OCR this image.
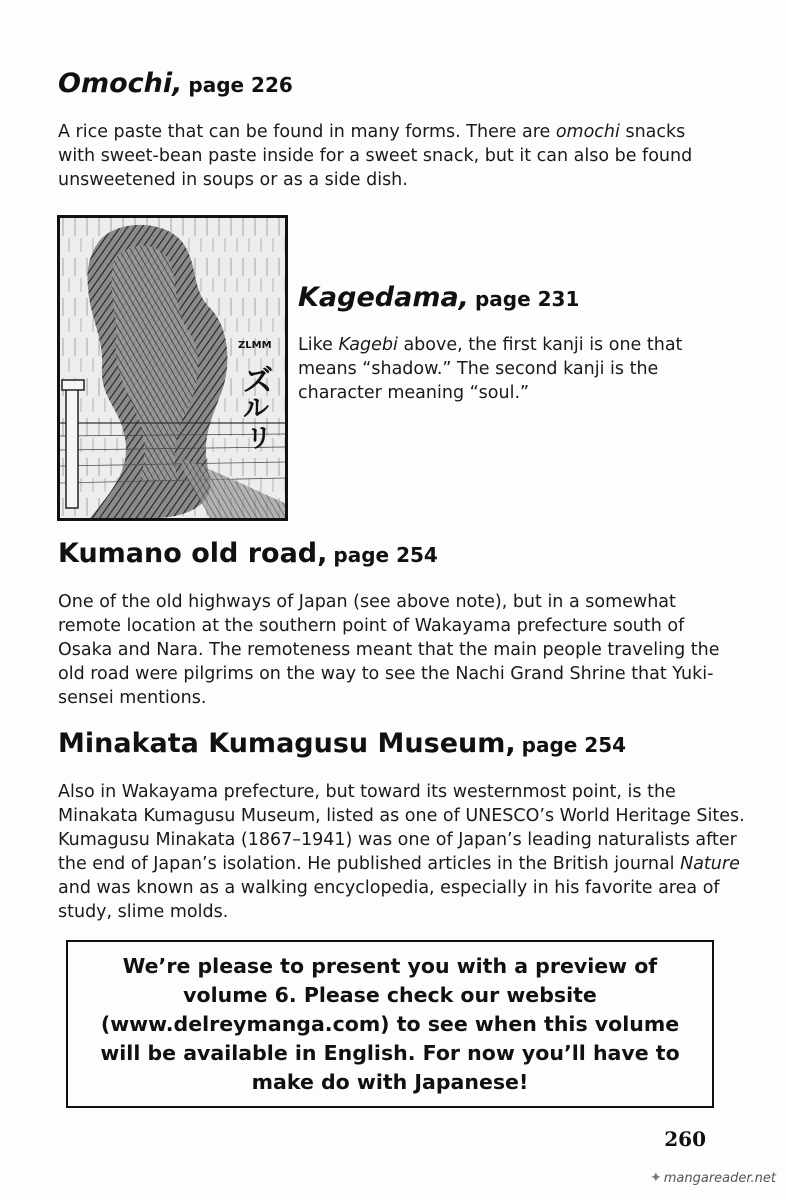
Omochi, page 226

A rice paste that can be found in many forms. There are omochi snacks with sweet-bean paste inside for a sweet snack, but it can also be found unsweetened in soups or as a side dish.

ZLMM
ズ
ル
リ
Kagedama, page 231

Like Kagebi above, the first kanji is one that means “shadow.” The second kanji is the character meaning “soul.”

Kumano old road, page 254

One of the old highways of Japan (see above note), but in a somewhat remote location at the southern point of Wakayama prefecture south of Osaka and Nara. The remoteness meant that the main people traveling the old road were pilgrims on the way to see the Nachi Grand Shrine that Yuki-sensei mentions.

Minakata Kumagusu Museum, page 254

Also in Wakayama prefecture, but toward its westernmost point, is the Minakata Kumagusu Museum, listed as one of UNESCO’s World Heritage Sites. Kumagusu Minakata (1867–1941) was one of Japan’s leading naturalists after the end of Japan’s isolation. He published articles in the British journal Nature and was known as a walking encyclopedia, especially in his favorite area of study, slime molds.

We’re please to present you with a preview of volume 6. Please check our website (www.delreymanga.com) to see when this volume will be available in English. For now you’ll have to make do with Japanese!

260
✦ mangareader.net
